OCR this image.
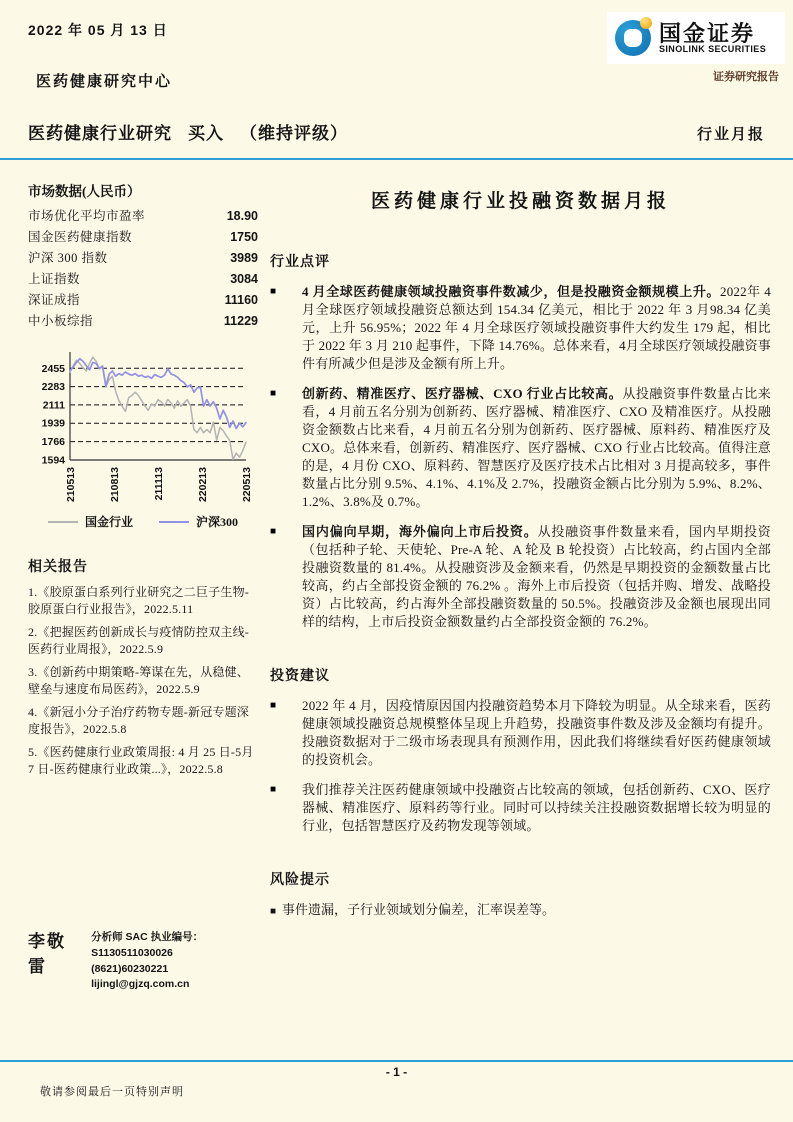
2022 年 05 月 13 日	国金证券
SINOLINK SECURITIES
证券研究报告
医药健康研究中心
医药健康行业研究 买入 （维持评级）	行业月报
市场数据(人民币）
市场优化平均市盈率	18.90
国金医药健康指数	1750
沪深 300 指数	3989
上证指数	3084
深证成指	11160
中小板综指	11229
2455
2283
2111
1939
1766
1594
210513	210813	211113	220213	220513
国金行业	沪深300
相关报告
1.《胶原蛋白系列行业研究之二巨子生物-胶原蛋白行业报告》，2022.5.11
2.《把握医药创新成长与疫情防控双主线-医药行业周报》，2022.5.9
3.《创新药中期策略-筹谋在先，从稳健、壁垒与速度布局医药》，2022.5.9
4.《新冠小分子治疗药物专题-新冠专题深度报告》，2022.5.8
5.《医药健康行业政策周报: 4 月 25 日-5月 7 日-医药健康行业政策...》，2022.5.8
李敬雷
分析师 SAC 执业编号：S1130511030026
(8621)60230221
lijingl@gjzq.com.cn
医药健康行业投融资数据月报
行业点评
■	4 月全球医药健康领域投融资事件数减少，但是投融资金额规模上升。2022年 4 月全球医疗领域投融资总额达到 154.34 亿美元，相比于 2022 年 3 月98.34 亿美元，上升 56.95%；2022 年 4 月全球医疗领域投融资事件大约发生 179 起，相比于 2022 年 3 月 210 起事件，下降 14.76%。总体来看，4月全球医疗领域投融资事件有所减少但是涉及金额有所上升。
■	创新药、精准医疗、医疗器械、CXO 行业占比较高。从投融资事件数量占比来看，4 月前五名分别为创新药、医疗器械、精准医疗、CXO 及精准医疗。从投融资金额数占比来看，4 月前五名分别为创新药、医疗器械、原料药、精准医疗及 CXO。总体来看，创新药、精准医疗、医疗器械、CXO 行业占比较高。值得注意的是，4 月份 CXO、原料药、智慧医疗及医疗技术占比相对 3 月提高较多，事件数量占比分别 9.5%、4.1%、4.1%及 2.7%，投融资金额占比分别为 5.9%、8.2%、1.2%、3.8%及 0.7%。
■	国内偏向早期，海外偏向上市后投资。从投融资事件数量来看，国内早期投资（包括种子轮、天使轮、Pre-A 轮、A 轮及 B 轮投资）占比较高，约占国内全部投融资数量的 81.4%。从投融资涉及金额来看，仍然是早期投资的金额数量占比较高，约占全部投资金额的 76.2% 。海外上市后投资（包括并购、增发、战略投资）占比较高，约占海外全部投融资数量的 50.5%。投融资涉及金额也展现出同样的结构，上市后投资金额数量约占全部投资金额的 76.2%。
投资建议
■	2022 年 4 月，因疫情原因国内投融资趋势本月下降较为明显。从全球来看，医药健康领域投融资总规模整体呈现上升趋势，投融资事件数及涉及金额均有提升。投融资数据对于二级市场表现具有预测作用，因此我们将继续看好医药健康领域的投资机会。
■	我们推荐关注医药健康领域中投融资占比较高的领域，包括创新药、CXO、医疗器械、精准医疗、原料药等行业。同时可以持续关注投融资数据增长较为明显的行业，包括智慧医疗及药物发现等领域。
风险提示
■ 事件遗漏，子行业领域划分偏差，汇率误差等。
- 1 -
敬请参阅最后一页特别声明
